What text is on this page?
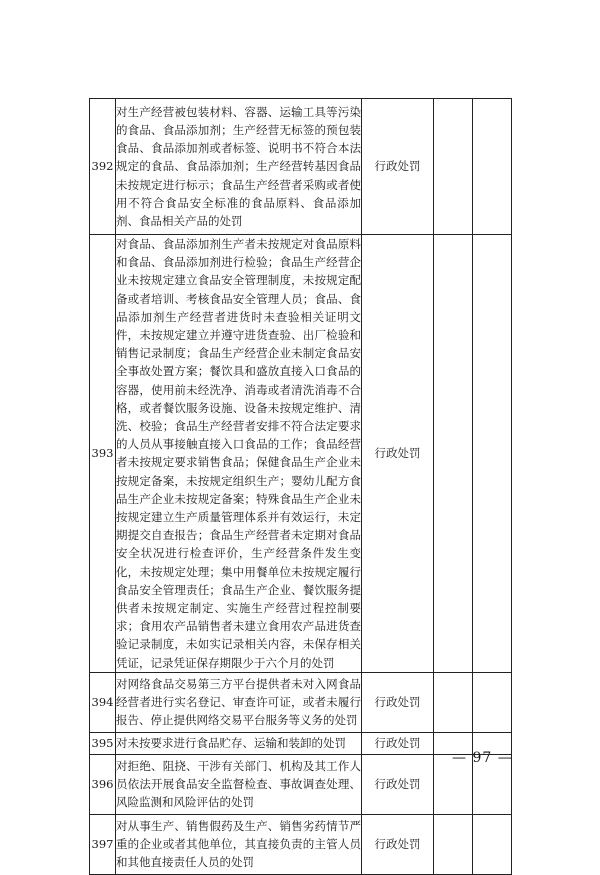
392	对生产经营被包装材料、容器、运输工具等污染的食品、食品添加剂；生产经营无标签的预包装食品、食品添加剂或者标签、说明书不符合本法规定的食品、食品添加剂；生产经营转基因食品未按规定进行标示；食品生产经营者采购或者使用不符合食品安全标准的食品原料、食品添加剂、食品相关产品的处罚	行政处罚		
393	对食品、食品添加剂生产者未按规定对食品原料和食品、食品添加剂进行检验；食品生产经营企业未按规定建立食品安全管理制度，未按规定配备或者培训、考核食品安全管理人员；食品、食品添加剂生产经营者进货时未查验相关证明文件，未按规定建立并遵守进货查验、出厂检验和销售记录制度；食品生产经营企业未制定食品安全事故处置方案；餐饮具和盛放直接入口食品的容器，使用前未经洗净、消毒或者清洗消毒不合格，或者餐饮服务设施、设备未按规定维护、清洗、校验；食品生产经营者安排不符合法定要求的人员从事接触直接入口食品的工作；食品经营者未按规定要求销售食品；保健食品生产企业未按规定备案，未按规定组织生产；婴幼儿配方食品生产企业未按规定备案；特殊食品生产企业未按规定建立生产质量管理体系并有效运行，未定期提交自查报告；食品生产经营者未定期对食品安全状况进行检查评价，生产经营条件发生变化，未按规定处理；集中用餐单位未按规定履行食品安全管理责任；食品生产企业、餐饮服务提供者未按规定制定、实施生产经营过程控制要求；食用农产品销售者未建立食用农产品进货查验记录制度，未如实记录相关内容，未保存相关凭证，记录凭证保存期限少于六个月的处罚	行政处罚		
394	对网络食品交易第三方平台提供者未对入网食品经营者进行实名登记、审查许可证，或者未履行报告、停止提供网络交易平台服务等义务的处罚	行政处罚		
395	对未按要求进行食品贮存、运输和装卸的处罚	行政处罚		
396	对拒绝、阻挠、干涉有关部门、机构及其工作人员依法开展食品安全监督检查、事故调查处理、风险监测和风险评估的处罚	行政处罚		
397	对从事生产、销售假药及生产、销售劣药情节严重的企业或者其他单位，其直接负责的主管人员和其他直接责任人员的处罚	行政处罚		
— 97 —
